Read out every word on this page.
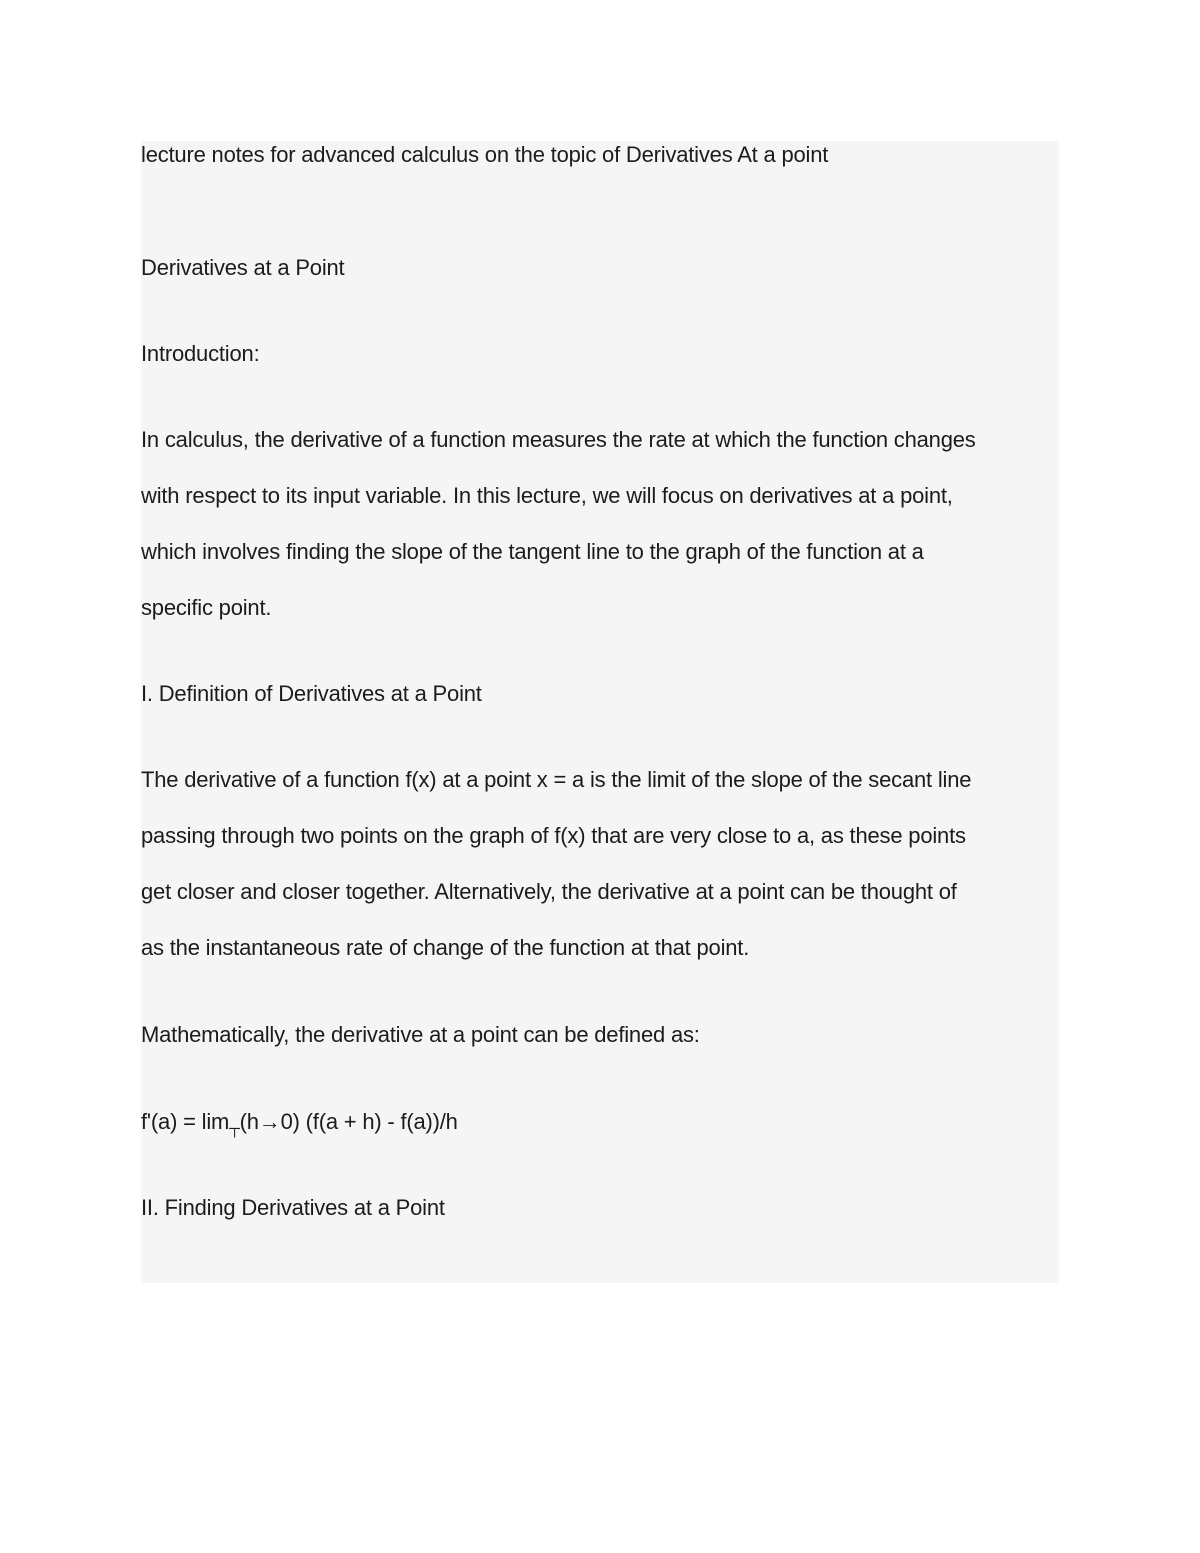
lecture notes for advanced calculus on the topic of Derivatives At a point
Derivatives at a Point
Introduction:
In calculus, the derivative of a function measures the rate at which the function changes
with respect to its input variable. In this lecture, we will focus on derivatives at a point,
which involves finding the slope of the tangent line to the graph of the function at a
specific point.
I. Definition of Derivatives at a Point
The derivative of a function f(x) at a point x = a is the limit of the slope of the secant line
passing through two points on the graph of f(x) that are very close to a, as these points
get closer and closer together. Alternatively, the derivative at a point can be thought of
as the instantaneous rate of change of the function at that point.
Mathematically, the derivative at a point can be defined as:
$f'(a) = \lim_┬(h\to 0) (f(a + h) - f(a))/h$
II. Finding Derivatives at a Point
